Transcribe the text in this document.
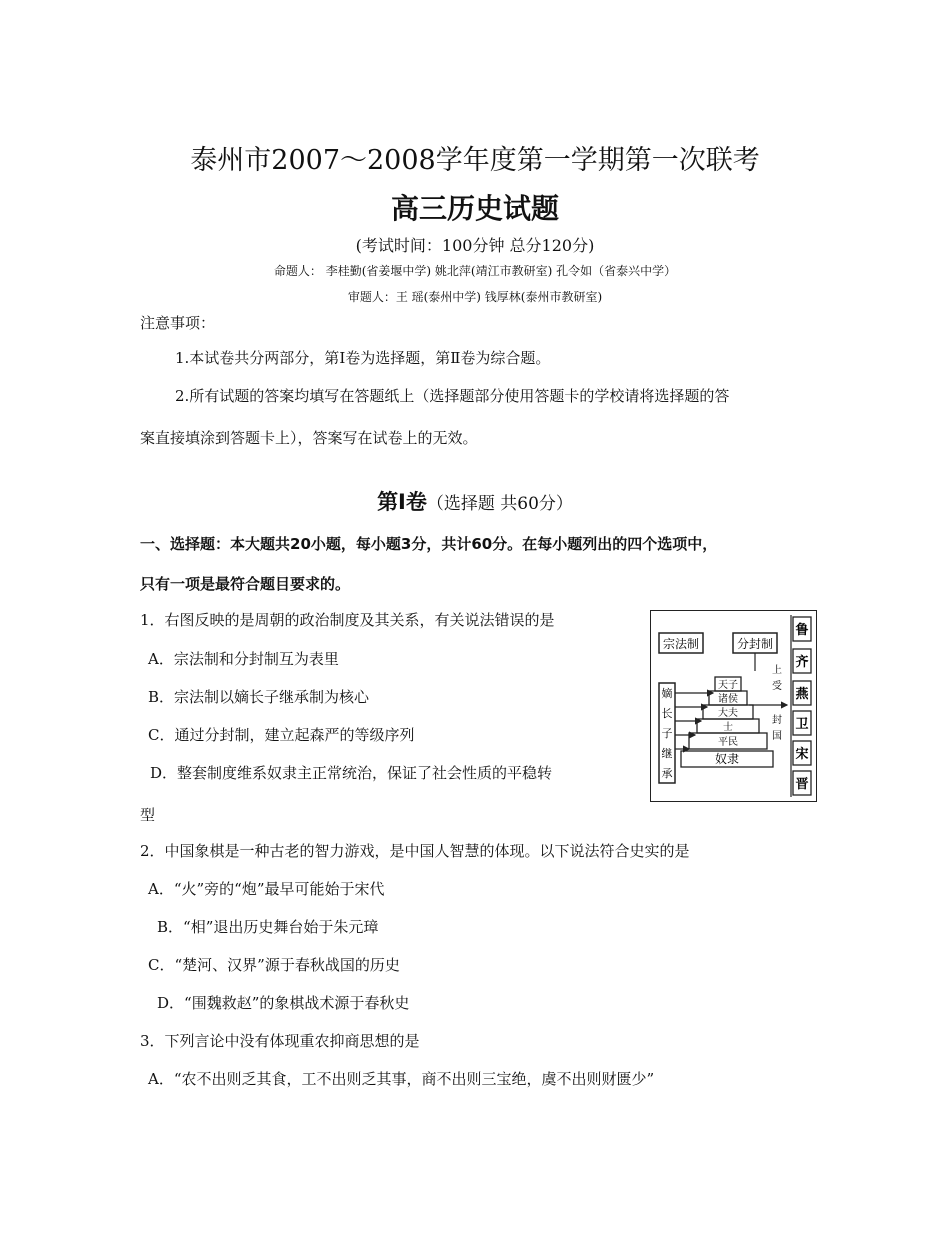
泰州市2007～2008学年度第一学期第一次联考
高三历史试题
(考试时间：100分钟 总分120分)
命题人： 李桂勤(省姜堰中学) 姚北萍(靖江市教研室) 孔令如（省泰兴中学）
审题人：王 瑶(泰州中学) 钱厚林(泰州市教研室)
注意事项：
1.本试卷共分两部分，第Ⅰ卷为选择题，第Ⅱ卷为综合题。
2.所有试题的答案均填写在答题纸上（选择题部分使用答题卡的学校请将选择题的答
案直接填涂到答题卡上），答案写在试卷上的无效。
第Ⅰ卷（选择题 共60分）
一、选择题：本大题共20小题，每小题3分，共计60分。在每小题列出的四个选项中，
只有一项是最符合题目要求的。
1．右图反映的是周朝的政治制度及其关系，有关说法错误的是
A．宗法制和分封制互为表里
B．宗法制以嫡长子继承制为核心
C．通过分封制，建立起森严的等级序列
D．整套制度维系奴隶主正常统治，保证了社会性质的平稳转
型
2．中国象棋是一种古老的智力游戏，是中国人智慧的体现。以下说法符合史实的是
A．“火”旁的“炮”最早可能始于宋代
B．“相”退出历史舞台始于朱元璋
C．“楚河、汉界”源于春秋战国的历史
D．“围魏救赵”的象棋战术源于春秋史
3．下列言论中没有体现重农抑商思想的是
A．“农不出则乏其食，工不出则乏其事，商不出则三宝绝，虞不出则财匮少”
宗法制	分封制
嫡
长
子
继
承
天子
诸侯
大夫
士
平民
奴隶
上
受
封
国
鲁
齐
燕
卫
宋
晋
